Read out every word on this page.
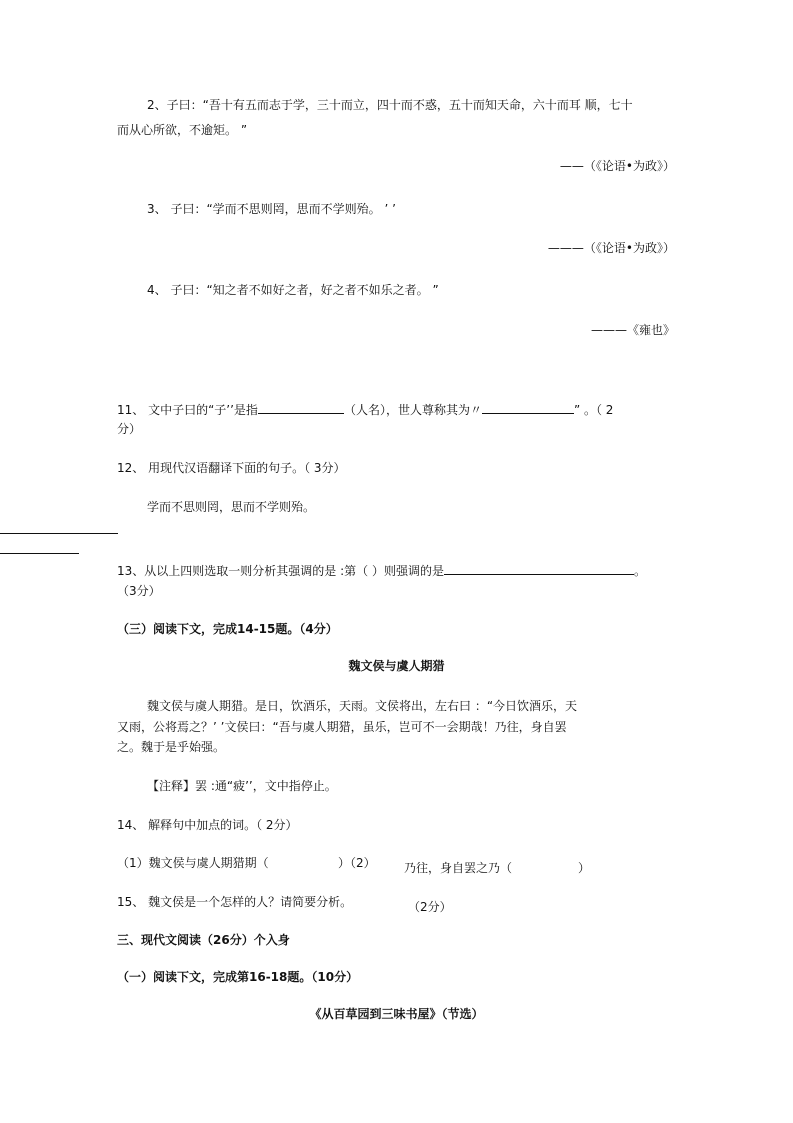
2、子曰：“吾十有五而志于学，三十而立，四十而不惑，五十而知天命，六十而耳 顺，七十
而从心所欲，不逾矩。 ”
——（《论语•为政》）
3、 子曰：“学而不思则罔，思而不学则殆。 ’ ’
———（《论语•为政》）
4、 子曰：“知之者不如好之者，好之者不如乐之者。 ”
———《雍也》
11、 文中子曰的“子’’是指	（人名），世人尊称其为〃	” 。（ 2
分）
12、 用现代汉语翻译下面的句子。（ 3分）
学而不思则罔，思而不学则殆。
13、从以上四则选取一则分析其强调的是 :第（ ）则强调的是	。
（3分）
（三）阅读下文，完成14-15题。（4分）
魏文侯与虞人期猎
魏文侯与虞人期猎。是日，饮酒乐，天雨。文侯将出，左右曰 ：“今日饮酒乐，天
又雨，公将焉之？’ ’文侯曰：“吾与虞人期猎，虽乐，岂可不一会期哉！乃往，身自罢
之。魏于是乎始强。
【注释】罢 :通“疲’’，文中指停止。
14、 解释句中加点的词。（ 2分）
（1）魏文侯与虞人期猎期（	）（2） 乃往，身自罢之乃（	）
15、 魏文侯是一个怎样的人？请简要分析。	（2分）
三、现代文阅读（26分）个入身
（一）阅读下文，完成第16-18题。（10分）
《从百草园到三味书屋》（节选）
